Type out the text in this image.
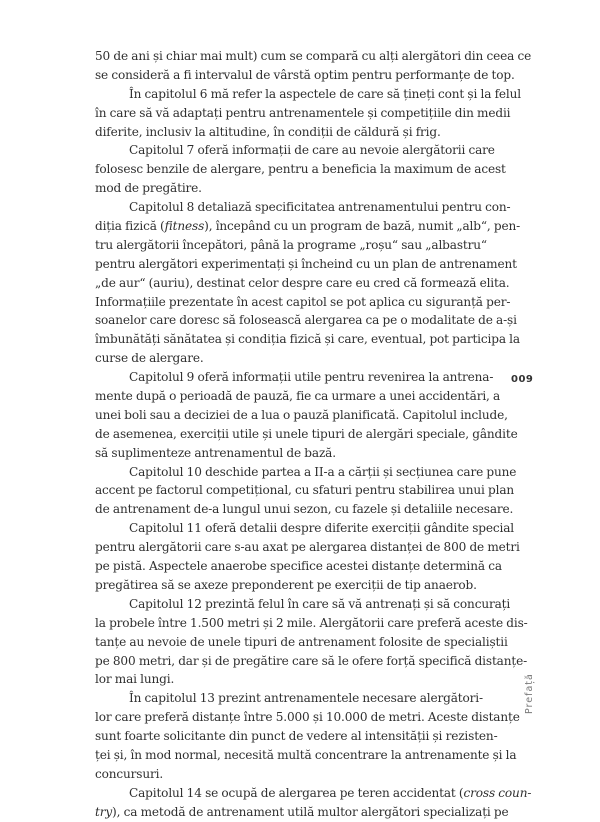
50 de ani și chiar mai mult) cum se compară cu alți alergători din ceea ce
se consideră a fi intervalul de vârstă optim pentru performanțe de top.
În capitolul 6 mă refer la aspectele de care să țineți cont și la felul
în care să vă adaptați pentru antrenamentele și competițiile din medii
diferite, inclusiv la altitudine, în condiții de căldură și frig.
Capitolul 7 oferă informații de care au nevoie alergătorii care
folosesc benzile de alergare, pentru a beneficia la maximum de acest
mod de pregătire.
Capitolul 8 detaliază specificitatea antrenamentului pentru con-
diția fizică (fitness), începând cu un program de bază, numit „alb“, pen-
tru alergătorii începători, până la programe „roșu“ sau „albastru“
pentru alergători experimentați și încheind cu un plan de antrenament
„de aur“ (auriu), destinat celor despre care eu cred că formează elita.
Informațiile prezentate în acest capitol se pot aplica cu siguranță per-
soanelor care doresc să folosească alergarea ca pe o modalitate de a-și
îmbunătăți sănătatea și condiția fizică și care, eventual, pot participa la
curse de alergare.
Capitolul 9 oferă informații utile pentru revenirea la antrena-
mente după o perioadă de pauză, fie ca urmare a unei accidentări, a
unei boli sau a deciziei de a lua o pauză planificată. Capitolul include,
de asemenea, exerciții utile și unele tipuri de alergări speciale, gândite
să suplimenteze antrenamentul de bază.
Capitolul 10 deschide partea a II-a a cărții și secțiunea care pune
accent pe factorul competițional, cu sfaturi pentru stabilirea unui plan
de antrenament de-a lungul unui sezon, cu fazele și detaliile necesare.
Capitolul 11 oferă detalii despre diferite exerciții gândite special
pentru alergătorii care s-au axat pe alergarea distanței de 800 de metri
pe pistă. Aspectele anaerobe specifice acestei distanțe determină ca
pregătirea să se axeze preponderent pe exerciții de tip anaerob.
Capitolul 12 prezintă felul în care să vă antrenați și să concurați
la probele între 1.500 metri și 2 mile. Alergătorii care preferă aceste dis-
tanțe au nevoie de unele tipuri de antrenament folosite de specialiștii
pe 800 metri, dar și de pregătire care să le ofere forță specifică distanțe-
lor mai lungi.
În capitolul 13 prezint antrenamentele necesare alergători-
lor care preferă distanțe între 5.000 și 10.000 de metri. Aceste distanțe
sunt foarte solicitante din punct de vedere al intensității și rezisten-
ței și, în mod normal, necesită multă concentrare la antrenamente și la
concursuri.
Capitolul 14 se ocupă de alergarea pe teren accidentat (cross coun-
try), ca metodă de antrenament utilă multor alergători specializați pe
009
Prefață
